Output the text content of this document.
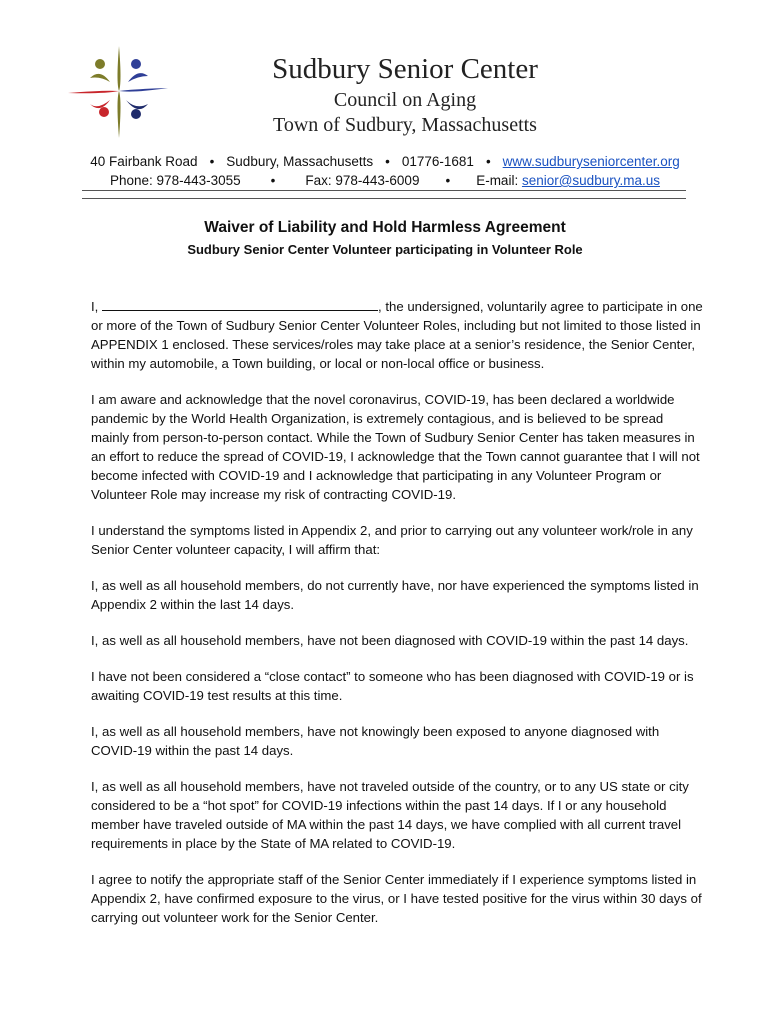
Sudbury Senior Center
Council on Aging
Town of Sudbury, Massachusetts
40 Fairbank Road • Sudbury, Massachusetts • 01776-1681 • www.sudburyseniorcenter.org
Phone: 978-443-3055 • Fax: 978-443-6009 • E-mail: senior@sudbury.ma.us
Waiver of Liability and Hold Harmless Agreement
Sudbury Senior Center Volunteer participating in Volunteer Role

I,	, the undersigned, voluntarily agree to participate in one or more of the Town of Sudbury Senior Center Volunteer Roles, including but not limited to those listed in APPENDIX 1 enclosed. These services/roles may take place at a senior’s residence, the Senior Center, within my automobile, a Town building, or local or non-local office or business.

I am aware and acknowledge that the novel coronavirus, COVID-19, has been declared a worldwide pandemic by the World Health Organization, is extremely contagious, and is believed to be spread mainly from person-to-person contact. While the Town of Sudbury Senior Center has taken measures in an effort to reduce the spread of COVID-19, I acknowledge that the Town cannot guarantee that I will not become infected with COVID-19 and I acknowledge that participating in any Volunteer Program or Volunteer Role may increase my risk of contracting COVID-19.

I understand the symptoms listed in Appendix 2, and prior to carrying out any volunteer work/role in any Senior Center volunteer capacity, I will affirm that:

I, as well as all household members, do not currently have, nor have experienced the symptoms listed in Appendix 2 within the last 14 days.

I, as well as all household members, have not been diagnosed with COVID-19 within the past 14 days.

I have not been considered a “close contact” to someone who has been diagnosed with COVID-19 or is awaiting COVID-19 test results at this time.

I, as well as all household members, have not knowingly been exposed to anyone diagnosed with COVID-19 within the past 14 days.

I, as well as all household members, have not traveled outside of the country, or to any US state or city considered to be a “hot spot” for COVID-19 infections within the past 14 days. If I or any household member have traveled outside of MA within the past 14 days, we have complied with all current travel requirements in place by the State of MA related to COVID-19.

I agree to notify the appropriate staff of the Senior Center immediately if I experience symptoms listed in Appendix 2, have confirmed exposure to the virus, or I have tested positive for the virus within 30 days of carrying out volunteer work for the Senior Center.
